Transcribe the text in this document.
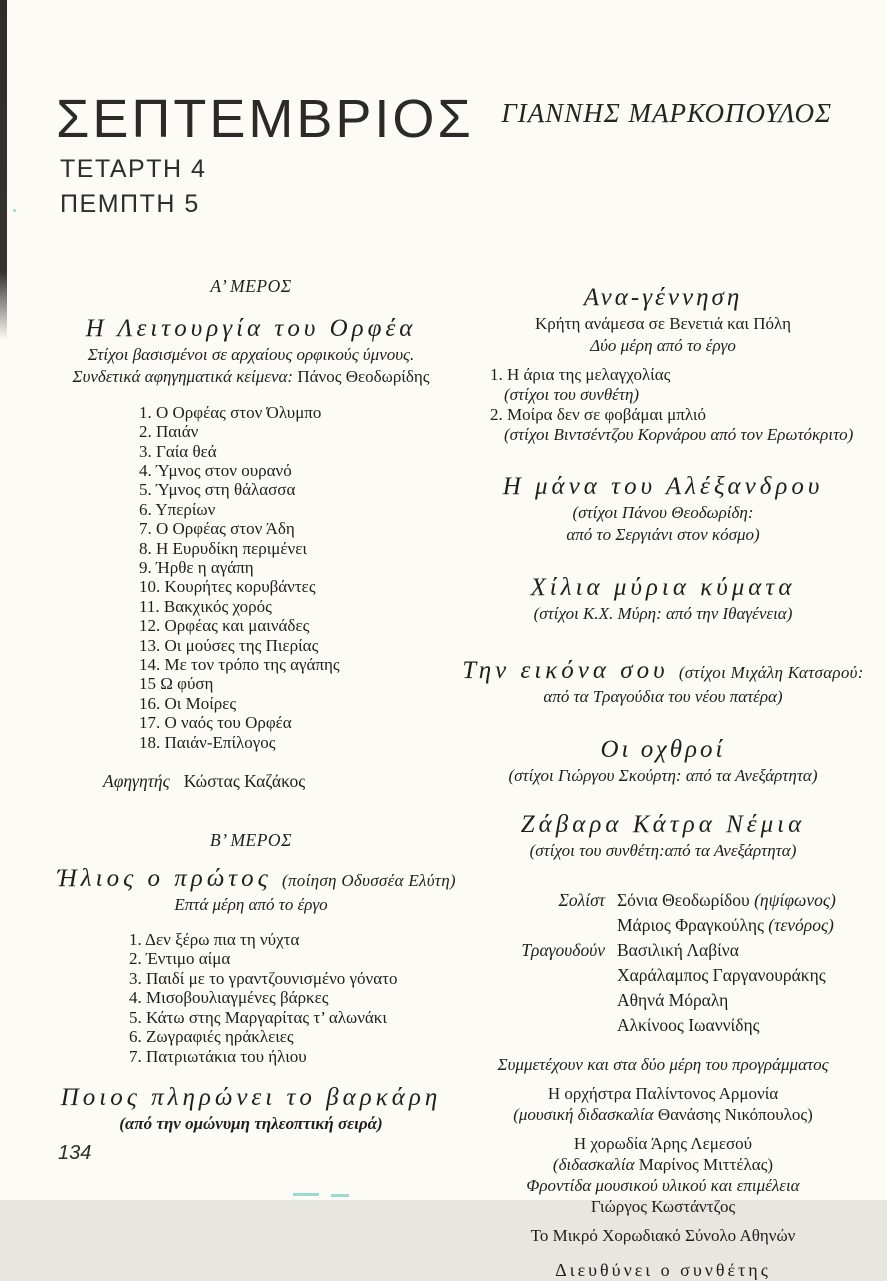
ΣΕΠΤΕΜΒΡΙΟΣ
ΤΕΤΑΡΤΗ 4
ΠΕΜΠΤΗ 5
ΓΙΑΝΝΗΣ ΜΑΡΚΟΠΟΥΛΟΣ
Α’ ΜΕΡΟΣ
Η Λειτουργία του Ορφέα
Στίχοι βασισμένοι σε αρχαίους ορφικούς ύμνους.
Συνδετικά αφηγηματικά κείμενα: Πάνος Θεοδωρίδης
1. Ο Ορφέας στον Όλυμπο
2. Παιάν
3. Γαία θεά
4. Ύμνος στον ουρανό
5. Ύμνος στη θάλασσα
6. Υπερίων
7. Ο Ορφέας στον Άδη
8. Η Ευρυδίκη περιμένει
9. Ήρθε η αγάπη
10. Κουρήτες κορυβάντες
11. Βακχικός χορός
12. Ορφέας και μαινάδες
13. Οι μούσες της Πιερίας
14. Με τον τρόπο της αγάπης
15 Ω φύση
16. Οι Μοίρες
17. Ο ναός του Ορφέα
18. Παιάν-Επίλογος
Αφηγητής Κώστας Καζάκος
Β’ ΜΕΡΟΣ
Ήλιος ο πρώτος (ποίηση Οδυσσέα Ελύτη)
Επτά μέρη από το έργο
1. Δεν ξέρω πια τη νύχτα
2. Έντιμο αίμα
3. Παιδί με το γραντζουνισμένο γόνατο
4. Μισοβουλιαγμένες βάρκες
5. Κάτω στης Μαργαρίτας τ’ αλωνάκι
6. Ζωγραφιές ηράκλειες
7. Πατριωτάκια του ήλιου
Ποιος πληρώνει το βαρκάρη
(από την ομώνυμη τηλεοπτική σειρά)
Ανα-γέννηση
Κρήτη ανάμεσα σε Βενετιά και Πόλη
Δύο μέρη από το έργο
1. Η άρια της μελαγχολίας
(στίχοι του συνθέτη)
2. Μοίρα δεν σε φοβάμαι μπλιό
(στίχοι Βιντσέντζου Κορνάρου από τον Ερωτόκριτο)
Η μάνα του Αλέξανδρου
(στίχοι Πάνου Θεοδωρίδη:
από το Σεργιάνι στον κόσμο)
Χίλια μύρια κύματα
(στίχοι Κ.Χ. Μύρη: από την Ιθαγένεια)
Την εικόνα σου (στίχοι Μιχάλη Κατσαρού:
από τα Τραγούδια του νέου πατέρα)
Οι οχθροί
(στίχοι Γιώργου Σκούρτη: από τα Ανεξάρτητα)
Ζάβαρα Κάτρα Νέμια
(στίχοι του συνθέτη:από τα Ανεξάρτητα)
Σολίστ Σόνια Θεοδωρίδου (ηψίφωνος)
Μάριος Φραγκούλης (τενόρος)
Τραγουδούν Βασιλική Λαβίνα
Χαράλαμπος Γαργανουράκης
Αθηνά Μόραλη
Αλκίνοος Ιωαννίδης
Συμμετέχουν και στα δύο μέρη του προγράμματος
Η ορχήστρα Παλίντονος Αρμονία
(μουσική διδασκαλία Θανάσης Νικόπουλος)
Η χορωδία Άρης Λεμεσού
(διδασκαλία Μαρίνος Μιττέλας)
Φροντίδα μουσικού υλικού και επιμέλεια
Γιώργος Κωστάντζος
Το Μικρό Χορωδιακό Σύνολο Αθηνών
Διευθύνει ο συνθέτης
134
